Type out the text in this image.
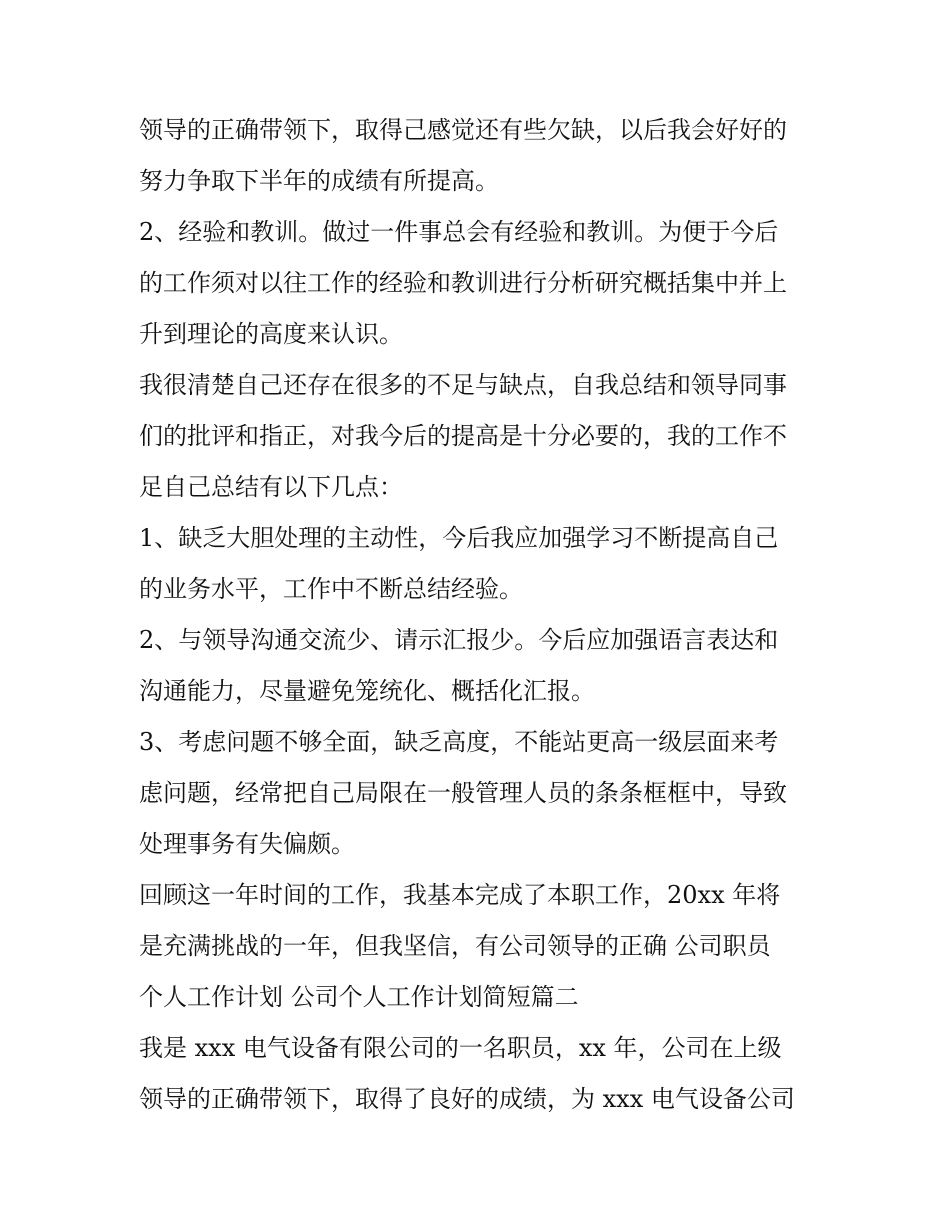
领导的正确带领下，取得己感觉还有些欠缺，以后我会好好的
努力争取下半年的成绩有所提高。
2、经验和教训。做过一件事总会有经验和教训。为便于今后
的工作须对以往工作的经验和教训进行分析研究概括集中并上
升到理论的高度来认识。
我很清楚自己还存在很多的不足与缺点，自我总结和领导同事
们的批评和指正，对我今后的提高是十分必要的，我的工作不
足自己总结有以下几点：
1、缺乏大胆处理的主动性，今后我应加强学习不断提高自己
的业务水平，工作中不断总结经验。
2、与领导沟通交流少、请示汇报少。今后应加强语言表达和
沟通能力，尽量避免笼统化、概括化汇报。
3、考虑问题不够全面，缺乏高度，不能站更高一级层面来考
虑问题，经常把自己局限在一般管理人员的条条框框中，导致
处理事务有失偏颇。
回顾这一年时间的工作，我基本完成了本职工作，20xx 年将
是充满挑战的一年，但我坚信，有公司领导的正确 公司职员
个人工作计划 公司个人工作计划简短篇二
我是 xxx 电气设备有限公司的一名职员，xx 年，公司在上级
领导的正确带领下，取得了良好的成绩，为 xxx 电气设备公司
